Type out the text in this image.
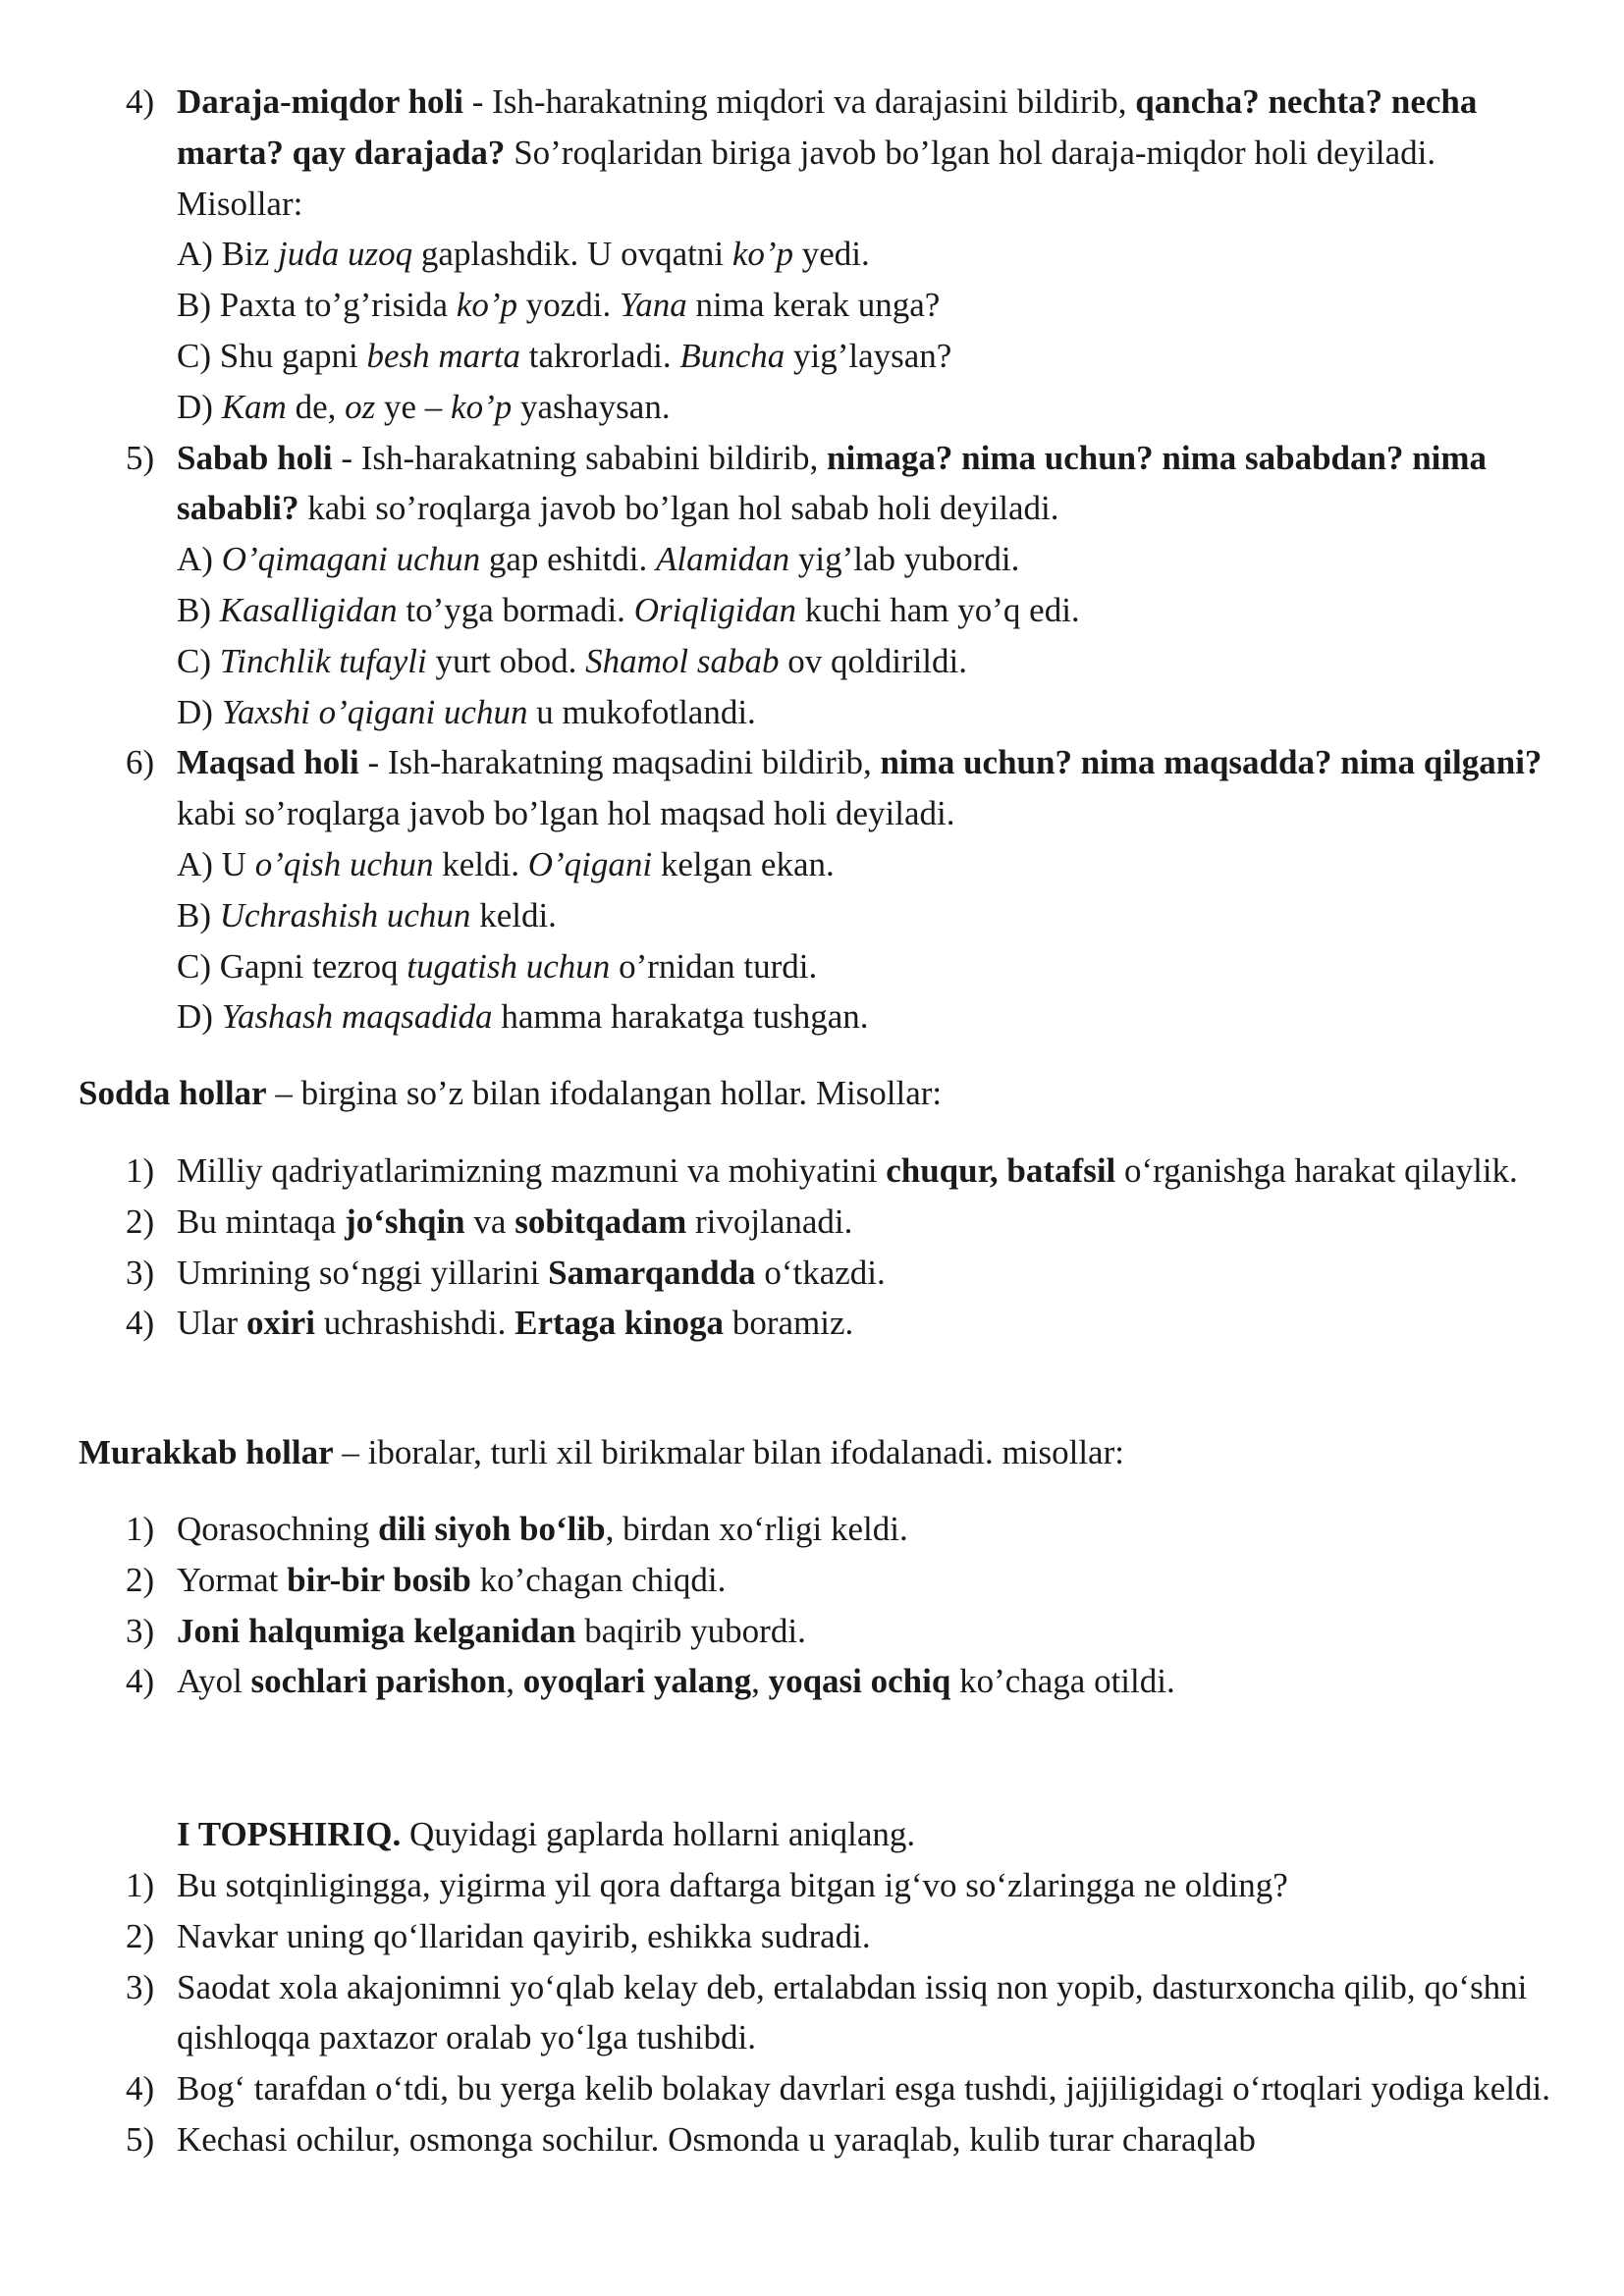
4) Daraja-miqdor holi - Ish-harakatning miqdori va darajasini bildirib, qancha? nechta? necha marta? qay darajada? So’roqlaridan biriga javob bo’lgan hol daraja-miqdor holi deyiladi. Misollar:
A) Biz juda uzoq gaplashdik. U ovqatni ko’p yedi.
B) Paxta to’g’risida ko’p yozdi. Yana nima kerak unga?
C) Shu gapni besh marta takrorladi. Buncha yig’laysan?
D) Kam de, oz ye – ko’p yashaysan.
5) Sabab holi - Ish-harakatning sababini bildirib, nimaga? nima uchun? nima sababdan? nima sababli? kabi so’roqlarga javob bo’lgan hol sabab holi deyiladi.
A) O’qimagani uchun gap eshitdi. Alamidan yig’lab yubordi.
B) Kasalligidan to’yga bormadi. Oriqligidan kuchi ham yo’q edi.
C) Tinchlik tufayli yurt obod. Shamol sabab ov qoldirildi.
D) Yaxshi o’qigani uchun u mukofotlandi.
6) Maqsad holi - Ish-harakatning maqsadini bildirib, nima uchun? nima maqsadda? nima qilgani? kabi so’roqlarga javob bo’lgan hol maqsad holi deyiladi.
A) U o’qish uchun keldi. O’qigani kelgan ekan.
B) Uchrashish uchun keldi.
C) Gapni tezroq tugatish uchun o’rnidan turdi.
D) Yashash maqsadida hamma harakatga tushgan.
Sodda hollar – birgina so’z bilan ifodalangan hollar. Misollar:
1) Milliy qadriyatlarimizning mazmuni va mohiyatini chuqur, batafsil o‘rganishga harakat qilaylik.
2) Bu mintaqa jo‘shqin va sobitqadam rivojlanadi.
3) Umrining so‘nggi yillarini Samarqandda o‘tkazdi.
4) Ular oxiri uchrashishdi. Ertaga kinoga boramiz.
Murakkab hollar – iboralar, turli xil birikmalar bilan ifodalanadi. misollar:
1) Qorasochning dili siyoh bo‘lib, birdan xo‘rligi keldi.
2) Yormat bir-bir bosib ko’chagan chiqdi.
3) Joni halqumiga kelganidan baqirib yubordi.
4) Ayol sochlari parishon, oyoqlari yalang, yoqasi ochiq ko’chaga otildi.
I TOPSHIRIQ. Quyidagi gaplarda hollarni aniqlang.
1) Bu sotqinligingga, yigirma yil qora daftarga bitgan ig‘vo so‘zlaringga ne olding?
2) Navkar uning qo‘llaridan qayirib, eshikka sudradi.
3) Saodat xola akajonimni yo‘qlab kelay deb, ertalabdan issiq non yopib, dasturxoncha qilib, qo‘shni qishloqqa paxtazor oralab yo‘lga tushibdi.
4) Bog‘ tarafdan o‘tdi, bu yerga kelib bolakay davrlari esga tushdi, jajjiligidagi o‘rtoqlari yodiga keldi.
5) Kechasi ochilur, osmonga sochilur. Osmonda u yaraqlab, kulib turar charaqlab
